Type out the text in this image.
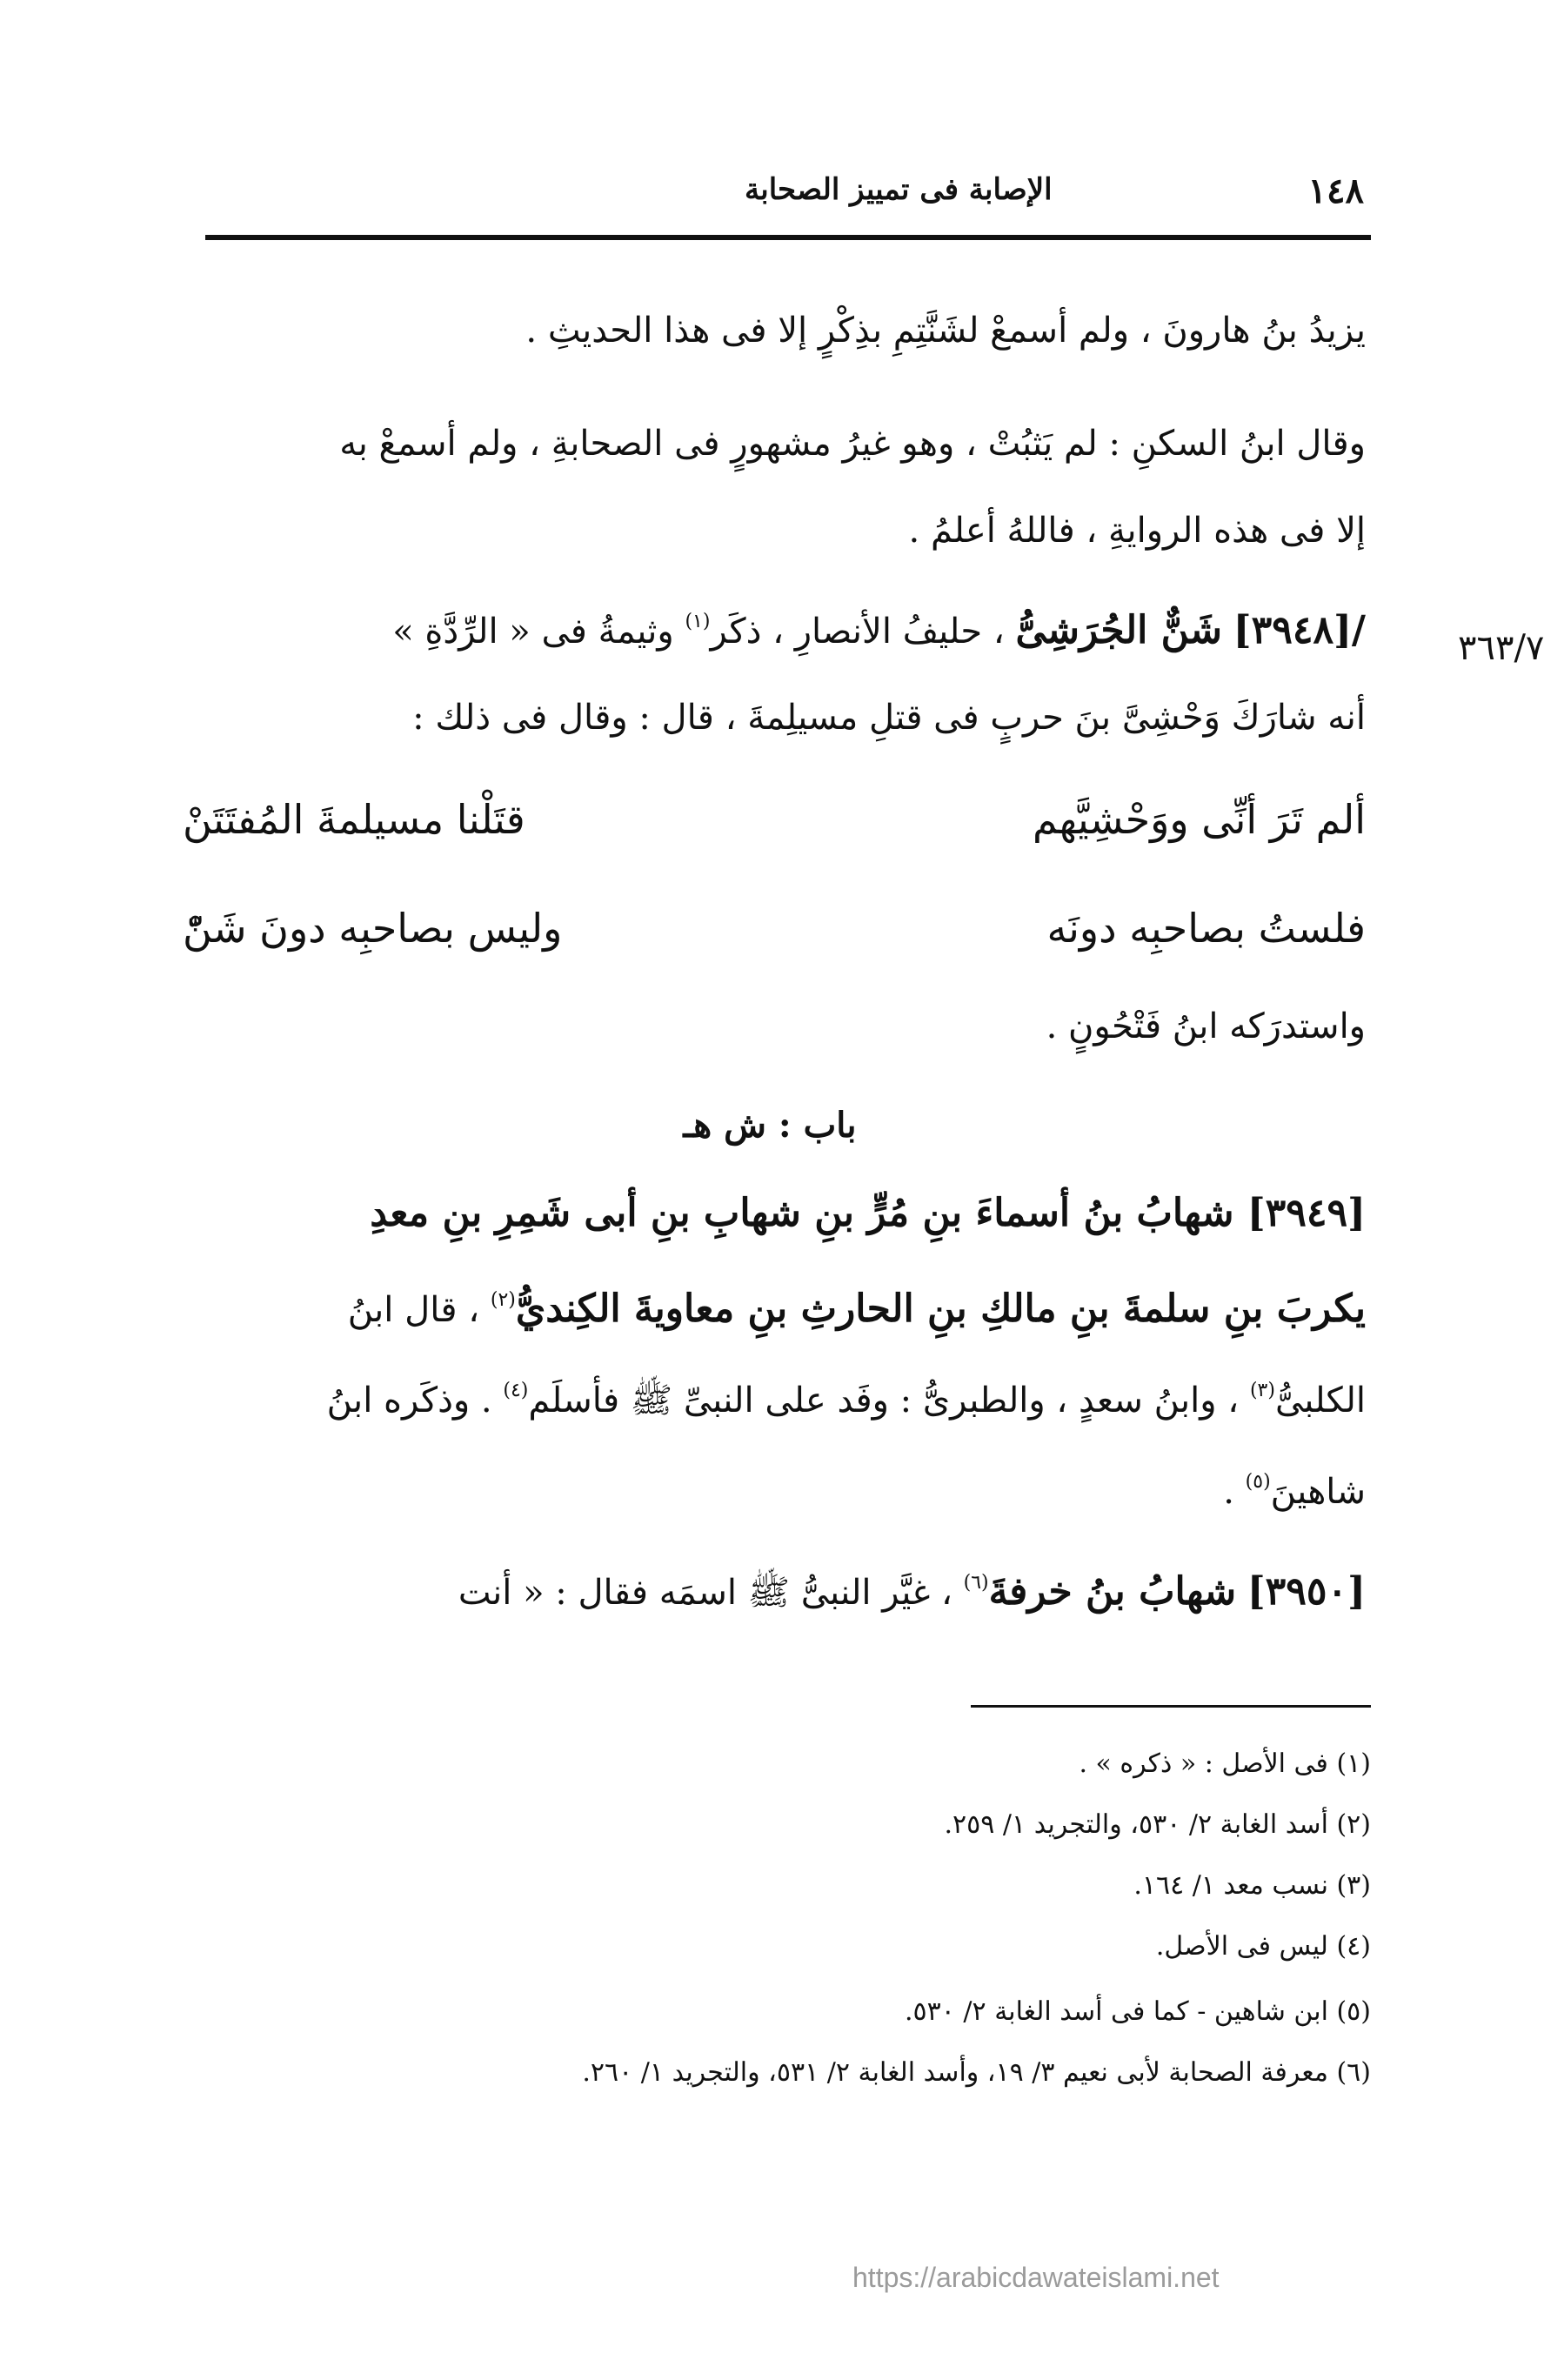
١٤٨
الإصابة فى تمييز الصحابة
٣٦٣/٧
يزيدُ بنُ هارونَ ، ولم أسمعْ لشَنَّتِمِ بذِكْرٍ إلا فى هذا الحديثِ .
وقال ابنُ السكنِ : لم يَثبُتْ ، وهو غيرُ مشهورٍ فى الصحابةِ ، ولم أسمعْ به
إلا فى هذه الروايةِ ، فاللهُ أعلمُ .
/[٣٩٤٨] شَنٌّ الجُرَشِىُّ ، حليفُ الأنصارِ ، ذكَر$^{(١)}$ وثيمةُ فى « الرِّدَّةِ »
أنه شارَكَ وَحْشِىَّ بنَ حربٍ فى قتلِ مسيلِمةَ ، قال : وقال فى ذلك :
ألم تَرَ أنِّى ووَحْشِيَّهم
قتَلْنا مسيلمةَ المُفتَتَنْ
فلستُ بصاحبِه دونَه
وليس بصاحبِه دونَ شَنّْ
واستدرَكه ابنُ فَتْحُونٍ .
باب : ش هـ
[٣٩٤٩] شهابُ بنُ أسماءَ بنِ مُرٍّ بنِ شهابِ بنِ أبى شَمِرِ بنِ معدِ
يكربَ بنِ سلمةَ بنِ مالكِ بنِ الحارثِ بنِ معاويةَ الكِنديُّ$^{(٢)}$ ، قال ابنُ
الكلبىُّ$^{(٣)}$ ، وابنُ سعدٍ ، والطبرىُّ : وفَد على النبىِّ ﷺ فأسلَم$^{(٤)}$ . وذكَره ابنُ
شاهينَ$^{(٥)}$ .
[٣٩٥٠] شهابُ بنُ خرفةَ$^{(٦)}$ ، غيَّر النبىُّ ﷺ اسمَه فقال : « أنت
(١) فى الأصل : « ذكره » .
(٢) أسد الغابة ٢/ ٥٣٠، والتجريد ١/ ٢٥٩.
(٣) نسب معد ١/ ١٦٤.
(٤) ليس فى الأصل.
(٥) ابن شاهين - كما فى أسد الغابة ٢/ ٥٣٠.
(٦) معرفة الصحابة لأبى نعيم ٣/ ١٩، وأسد الغابة ٢/ ٥٣١، والتجريد ١/ ٢٦٠.
https://arabicdawateislami.net
